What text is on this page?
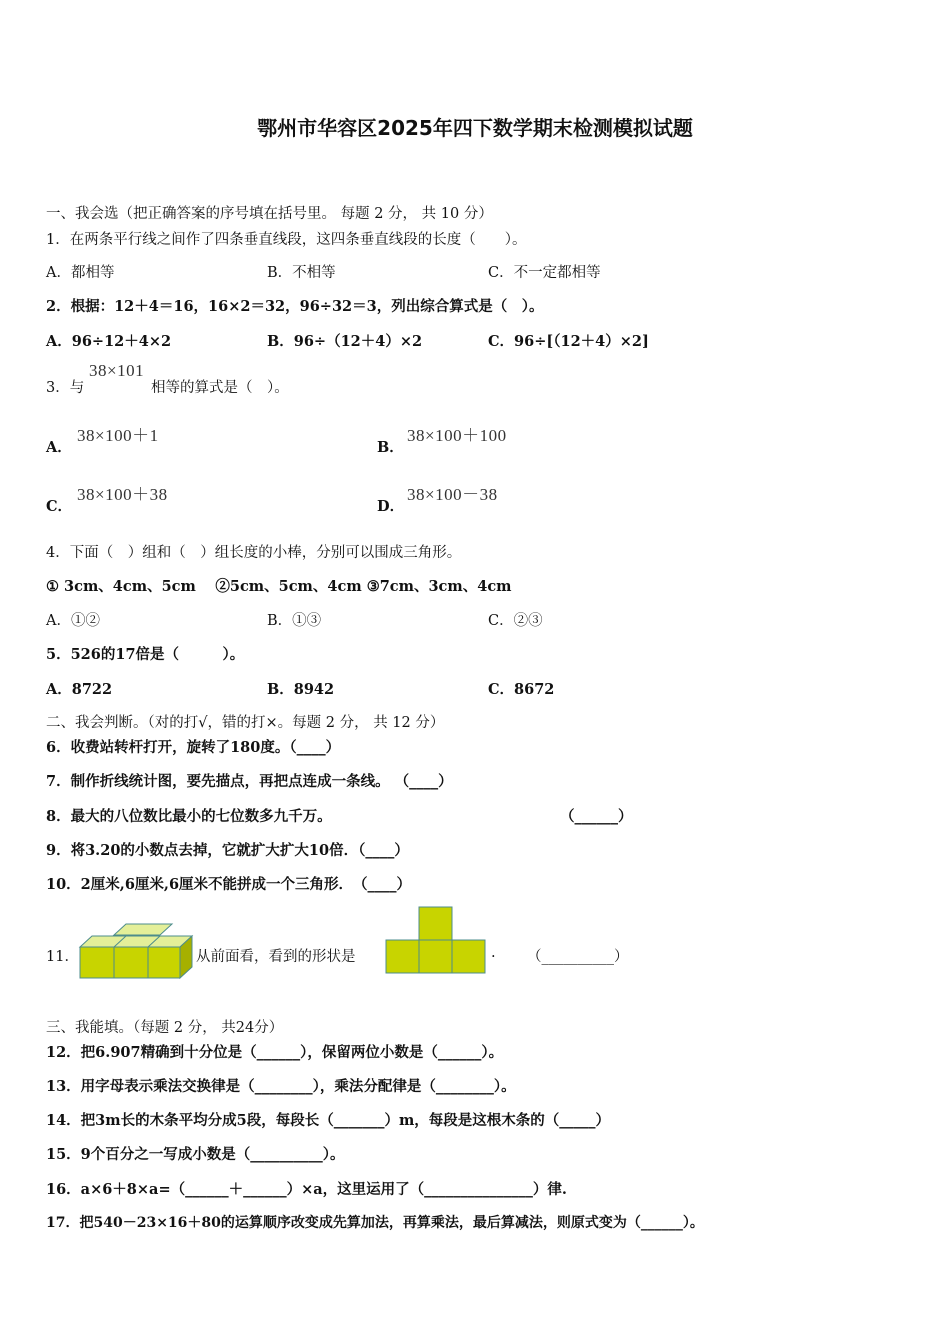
鄂州市华容区2025年四下数学期末检测模拟试题
一、我会选（把正确答案的序号填在括号里。 每题 2 分， 共 10 分）
1．在两条平行线之间作了四条垂直线段，这四条垂直线段的长度（　　）。
A．都相等	B．不相等	C．不一定都相等
2．根据：12＋4＝16，16×2＝32，96÷32＝3，列出综合算式是（　）。
A．96÷12＋4×2	B．96÷（12＋4）×2	C．96÷[（12＋4）×2]
3．与
38×101
相等的算式是（　）。
A．
38×100＋1
B．
38×100＋100
C．
38×100＋38
D．
38×100－38
4．下面（　）组和（　）组长度的小棒，分别可以围成三角形。
① 3cm、4cm、5cm　 ②5cm、5cm、4cm ③7cm、3cm、4cm
A．①②	B．①③	C．②③
5．526的17倍是（　　　）。
A．8722	B．8942	C．8672
二、我会判断。（对的打√，错的打×。每题 2 分， 共 12 分）
6．收费站转杆打开，旋转了180度。（____）
7．制作折线统计图，要先描点，再把点连成一条线。 （____）
8．最大的八位数比最小的七位数多九千万。	（______）
9．将3.20的小数点去掉，它就扩大扩大10倍．（____）
10．2厘米,6厘米,6厘米不能拼成一个三角形．　（____）
11．	从前面看，看到的形状是	. （__________）
三、我能填。（每题 2 分， 共24分）
12．把6.907精确到十分位是（______），保留两位小数是（______）。
13．用字母表示乘法交换律是（________），乘法分配律是（________）。
14．把3m长的木条平均分成5段，每段长（_______）m，每段是这根木条的（_____）
15．9个百分之一写成小数是（__________）。
16．a×6＋8×a=（______＋______）×a，这里运用了（_______________）律.
17．把540－23×16＋80的运算顺序改变成先算加法，再算乘法，最后算减法，则原式变为（______）。
